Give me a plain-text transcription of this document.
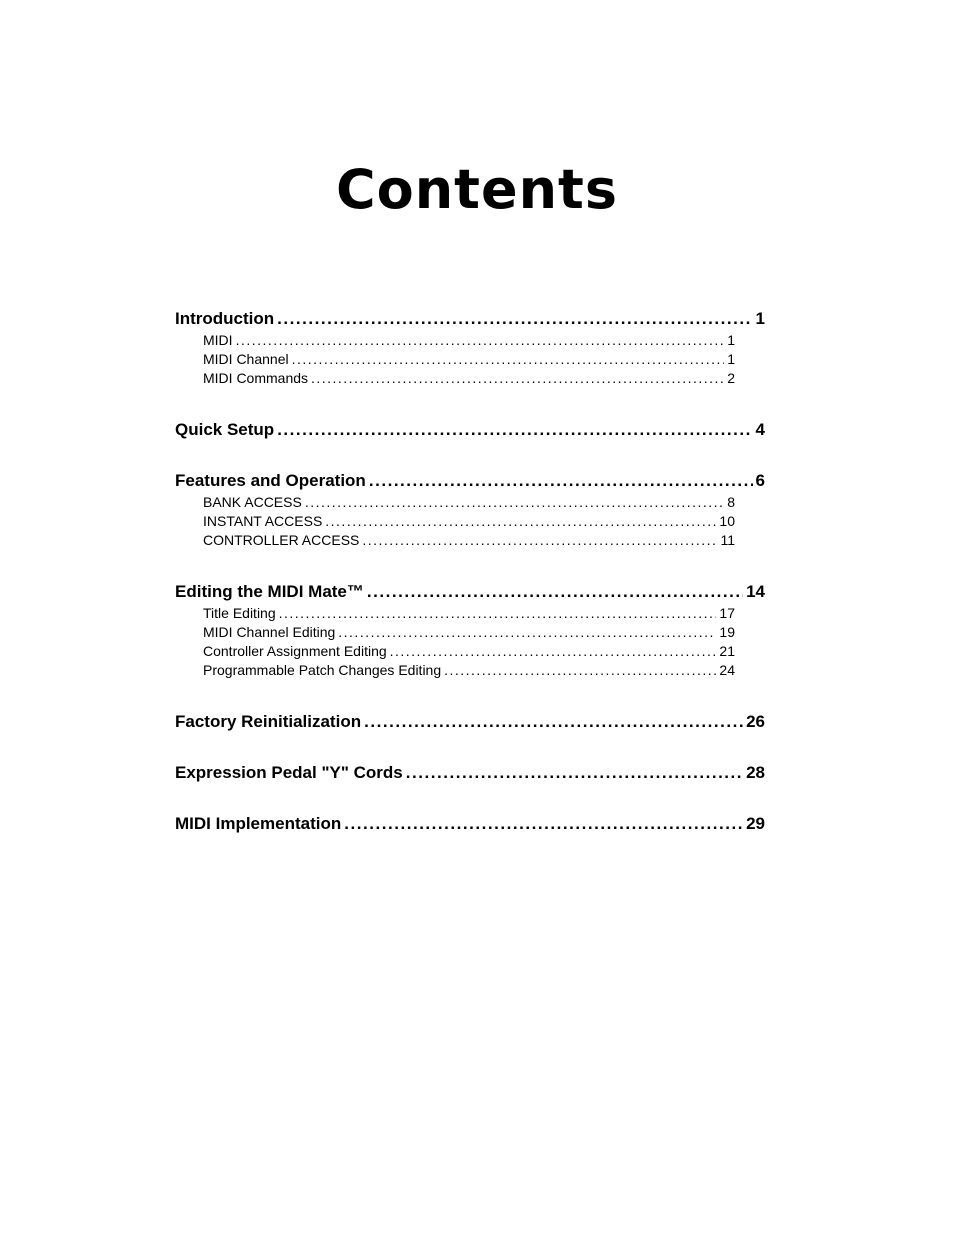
Contents
Introduction . . .	1
MIDI . . .	1
MIDI Channel . . .	1
MIDI Commands . . .	2
Quick Setup . . .	4
Features and Operation . . .	6
BANK ACCESS . . .	8
INSTANT ACCESS . . .	10
CONTROLLER ACCESS . . .	11
Editing the MIDI Mate™ . . .	14
Title Editing . . .	17
MIDI Channel Editing . . .	19
Controller Assignment Editing . . .	21
Programmable Patch Changes Editing . . .	24
Factory Reinitialization . . .	26
Expression Pedal "Y" Cords . . .	28
MIDI Implementation . . .	29
